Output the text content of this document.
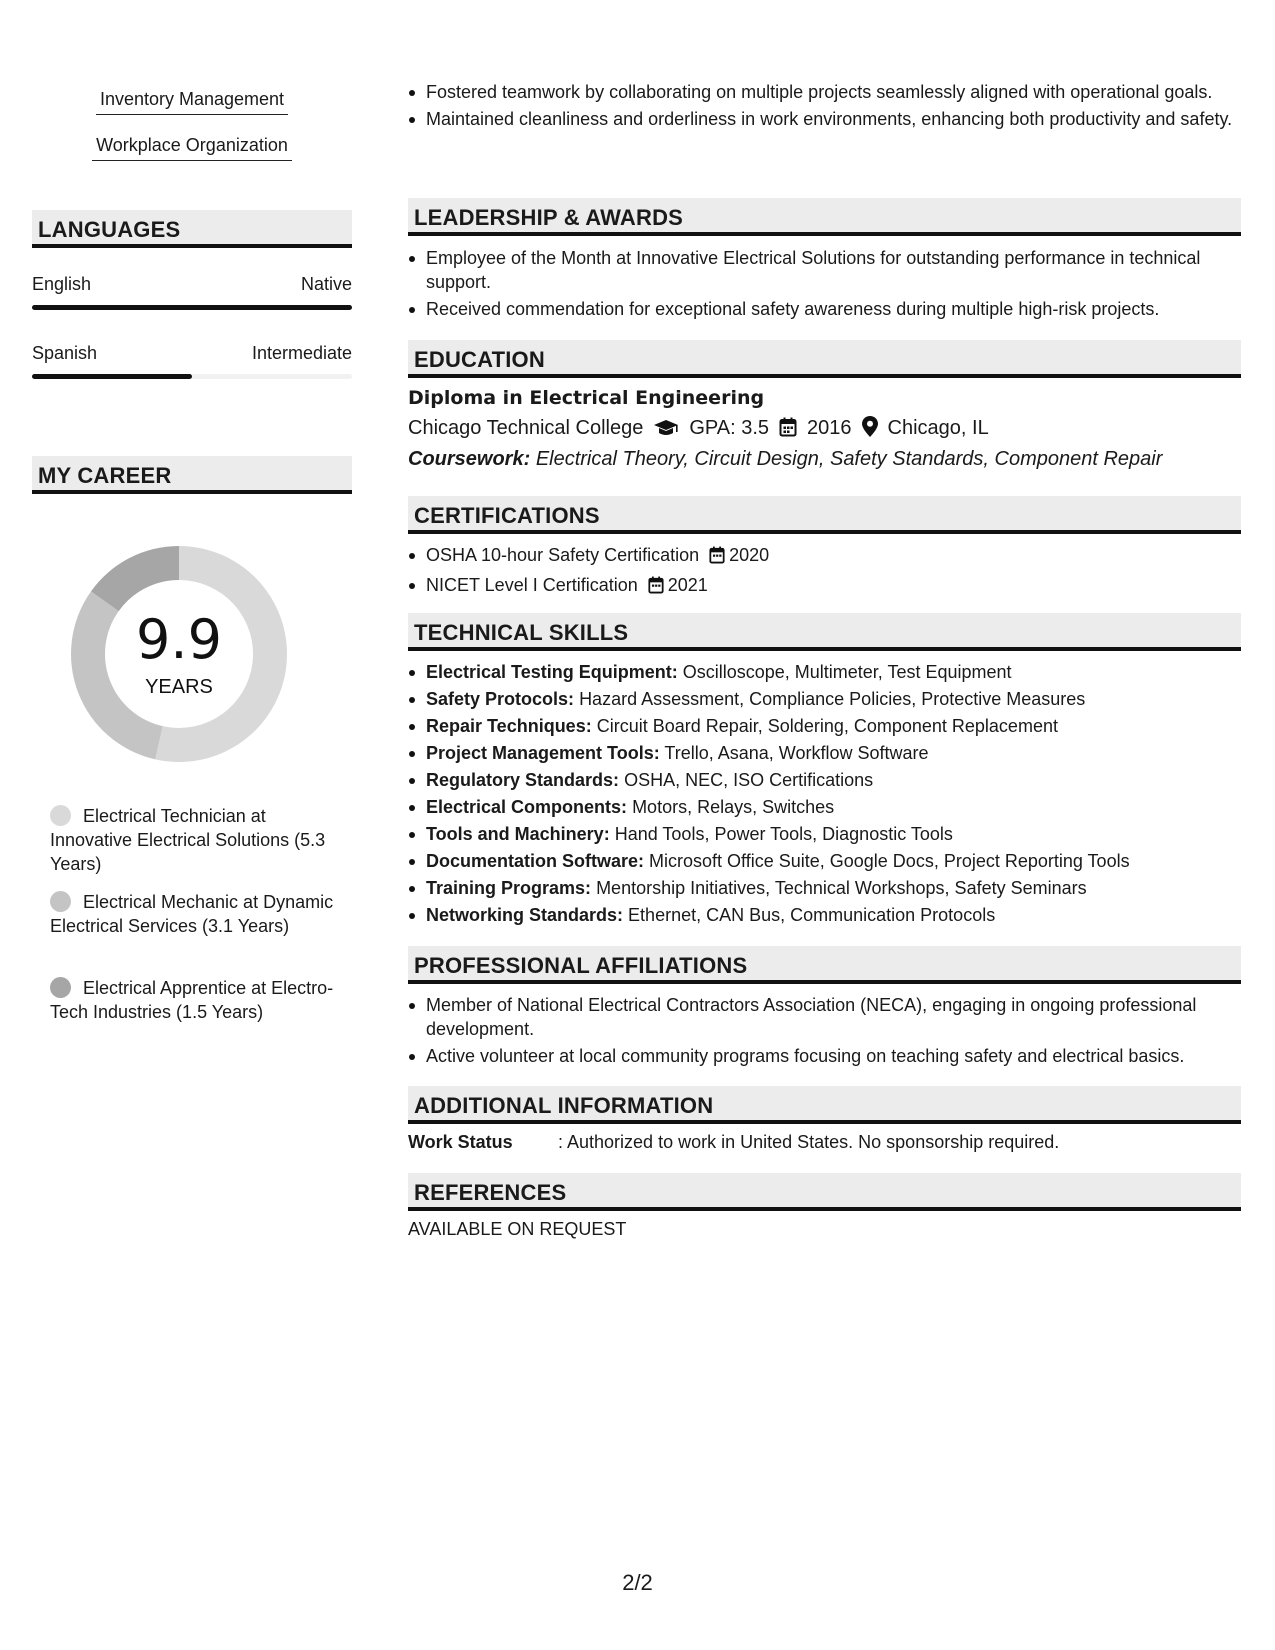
Inventory Management
Workplace Organization
LANGUAGES
English	Native
Spanish	Intermediate
MY CAREER
9.9
YEARS
Electrical Technician at Innovative Electrical Solutions (5.3 Years)
Electrical Mechanic at Dynamic Electrical Services (3.1 Years)
Electrical Apprentice at Electro-Tech Industries (1.5 Years)
Fostered teamwork by collaborating on multiple projects seamlessly aligned with operational goals.
Maintained cleanliness and orderliness in work environments, enhancing both productivity and safety.
LEADERSHIP & AWARDS
Employee of the Month at Innovative Electrical Solutions for outstanding performance in technical support.
Received commendation for exceptional safety awareness during multiple high-risk projects.
EDUCATION
Diploma in Electrical Engineering
Chicago Technical College GPA: 3.5 2016 Chicago, IL
Coursework: Electrical Theory, Circuit Design, Safety Standards, Component Repair
CERTIFICATIONS
OSHA 10-hour Safety Certification 2020
NICET Level I Certification 2021
TECHNICAL SKILLS
Electrical Testing Equipment: Oscilloscope, Multimeter, Test Equipment
Safety Protocols: Hazard Assessment, Compliance Policies, Protective Measures
Repair Techniques: Circuit Board Repair, Soldering, Component Replacement
Project Management Tools: Trello, Asana, Workflow Software
Regulatory Standards: OSHA, NEC, ISO Certifications
Electrical Components: Motors, Relays, Switches
Tools and Machinery: Hand Tools, Power Tools, Diagnostic Tools
Documentation Software: Microsoft Office Suite, Google Docs, Project Reporting Tools
Training Programs: Mentorship Initiatives, Technical Workshops, Safety Seminars
Networking Standards: Ethernet, CAN Bus, Communication Protocols
PROFESSIONAL AFFILIATIONS
Member of National Electrical Contractors Association (NECA), engaging in ongoing professional development.
Active volunteer at local community programs focusing on teaching safety and electrical basics.
ADDITIONAL INFORMATION
Work Status	: Authorized to work in United States. No sponsorship required.
REFERENCES
AVAILABLE ON REQUEST
2/2
